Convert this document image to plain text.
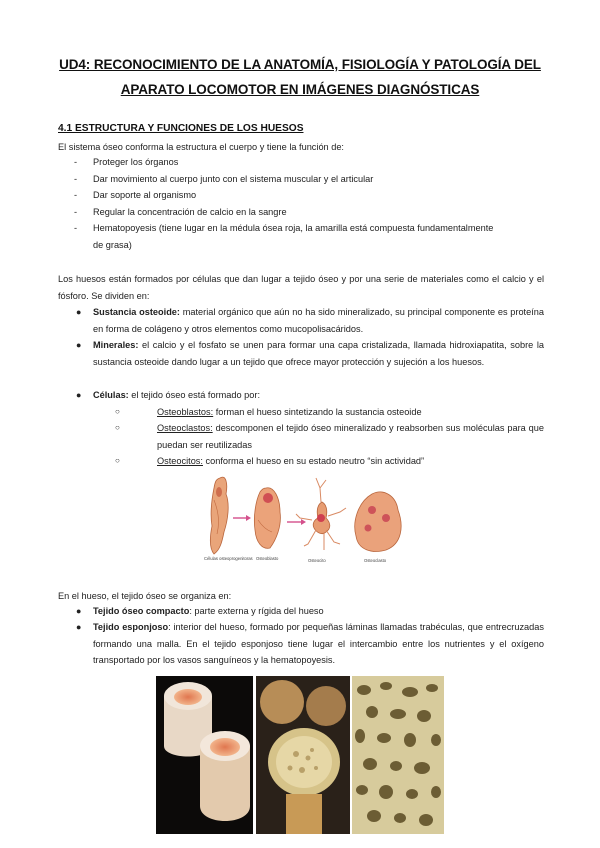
UD4: RECONOCIMIENTO DE LA ANATOMÍA, FISIOLOGÍA Y PATOLOGÍA DEL
APARATO LOCOMOTOR EN IMÁGENES DIAGNÓSTICAS
4.1 ESTRUCTURA Y FUNCIONES DE LOS HUESOS
El sistema óseo conforma la estructura el cuerpo y tiene la función de:
- Proteger los órganos
- Dar movimiento al cuerpo junto con el sistema muscular y el articular
- Dar soporte al organismo
- Regular la concentración de calcio en la sangre
- Hematopoyesis (tiene lugar en la médula ósea roja, la amarilla está compuesta fundamentalmente
de grasa)
Los huesos están formados por células que dan lugar a tejido óseo y por una serie de materiales como el calcio y el fósforo. Se dividen en:
● Sustancia osteoide: material orgánico que aún no ha sido mineralizado, su principal componente es proteína en forma de colágeno y otros elementos como mucopolisacáridos.
● Minerales: el calcio y el fosfato se unen para formar una capa cristalizada, llamada hidroxiapatita, sobre la sustancia osteoide dando lugar a un tejido que ofrece mayor protección y sujeción a los huesos.
● Células: el tejido óseo está formado por:
○	Osteoblastos: forman el hueso sintetizando la sustancia osteoide
○	Osteoclastos: descomponen el tejido óseo mineralizado y reabsorben sus moléculas para que puedan ser reutilizadas
○	Osteocitos: conforma el hueso en su estado neutro “sin actividad”
Células osteoprogenitoras Osteoblasto	Osteocito	Osteoclasto
En el hueso, el tejido óseo se organiza en:
● Tejido óseo compacto: parte externa y rígida del hueso
● Tejido esponjoso: interior del hueso, formado por pequeñas láminas llamadas trabéculas, que entrecruzadas formando una malla. En el tejido esponjoso tiene lugar el intercambio entre los nutrientes y el oxígeno transportado por los vasos sanguíneos y la hematopoyesis.
